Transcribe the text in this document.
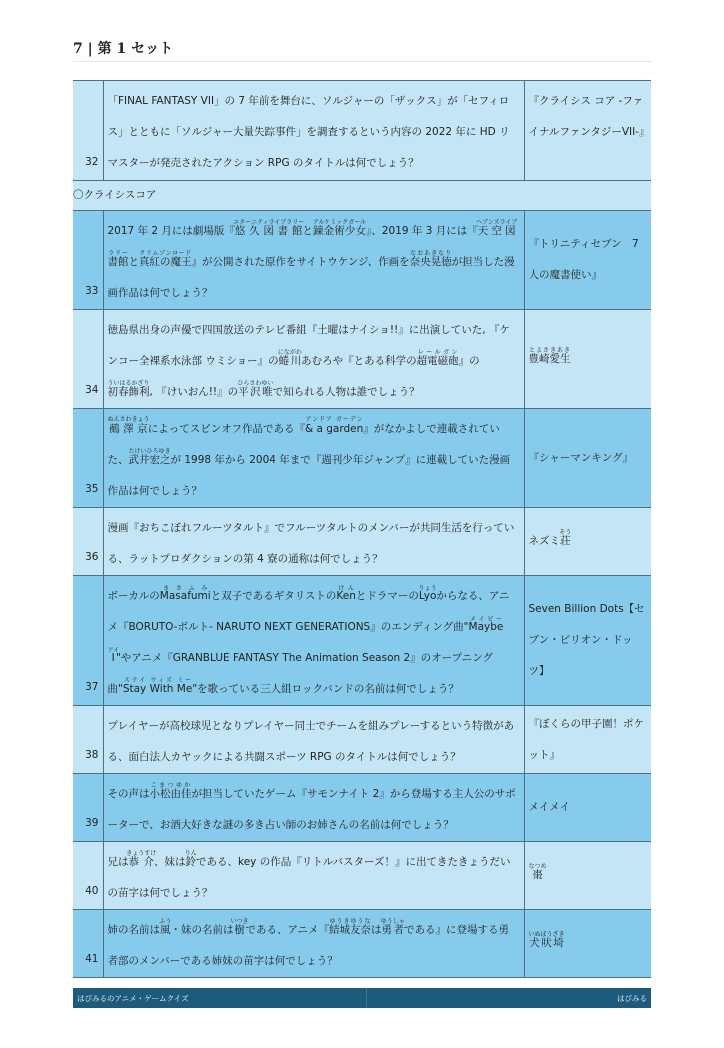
7 | 第 1 セット
32	「FINAL FANTASY VII」の 7 年前を舞台に、ソルジャーの「ザックス」が「セフィロス」とともに「ソルジャー大量失踪事件」を調査するという内容の 2022 年に HD リマスターが発売されたアクション RPG のタイトルは何でしょう？	『クライシス コア -ファイナルファンタジーVII-』
〇クライシスコア		
33	2017 年 2 月には劇場版『悠久図書館エターニティライブラリーと錬金術少女アルケミックガール』、2019 年 3 月には『天空図書館ヘブンズライブラリーと真紅の魔王クリムゾンロード』が公開された原作をサイトウケンジ、作画を奈央晃徳なおあきなりが担当した漫画作品は何でしょう？	『トリニティセブン　7 人の魔書使い』
34	徳島県出身の声優で四国放送のテレビ番組『土曜はナイショ!!』に出演していた, 『ケンコー全裸系水泳部 ウミショー』の蜷川にながわあむろや『とある科学の超電磁砲レールガン』の初春飾利ういはるかざり, 『けいおん!!』の平沢唯ひらさわゆいで知られる人物は誰でしょう？	豊崎愛生とよさきあき
35	鵺澤京ぬえさわきょうによってスピンオフ作品である『& a gardenアンドア ガーデン』がなかよしで連載されていた、武井宏之たけいひろゆきが 1998 年から 2004 年まで『週刊少年ジャンプ』に連載していた漫画作品は何でしょう？	『シャーマンキング』
36	漫画『おちこぼれフルーツタルト』でフルーツタルトのメンバーが共同生活を行っている、ラットプロダクションの第 4 寮の通称は何でしょう？	ネズミ荘そう
37	ボーカルのMasafumiまさふみと双子であるギタリストのKenけんとドラマーのLyoりょうからなる、アニメ『BORUTO-ボルト- NARUTO NEXT GENERATIONS』のエンディング曲"Maybe Iメイビー アイ"やアニメ『GRANBLUE FANTASY The Animation Season 2』のオープニング曲"Stayステイ With Meウィズ ミー"を歌っている三人組ロックバンドの名前は何でしょう？	Seven Billion Dots【セブン・ビリオン・ドッツ】
38	プレイヤーが高校球児となりプレイヤー同士でチームを組みプレーするという特徴がある、面白法人カヤックによる共闘スポーツ RPG のタイトルは何でしょう？	『ぼくらの甲子園！ポケット』
39	その声は小松由佳こまつゆかが担当していたゲーム『サモンナイト 2』から登場する主人公のサポーターで、お酒大好きな謎の多き占い師のお姉さんの名前は何でしょう？	メイメイ
40	兄は恭介きょうすけ、妹は鈴りんである、key の作品『リトルバスターズ！』に出てきたきょうだいの苗字は何でしょう？	棗なつめ
41	姉の名前は風ふう・妹の名前は樹いつきである、アニメ『結城友奈ゆうきゆうなは勇者ゆうしゃである』に登場する勇者部のメンバーである姉妹の苗字は何でしょう？	犬吠埼いぬぼうざき
はぴみるのアニメ・ゲームクイズ	はぴみる
